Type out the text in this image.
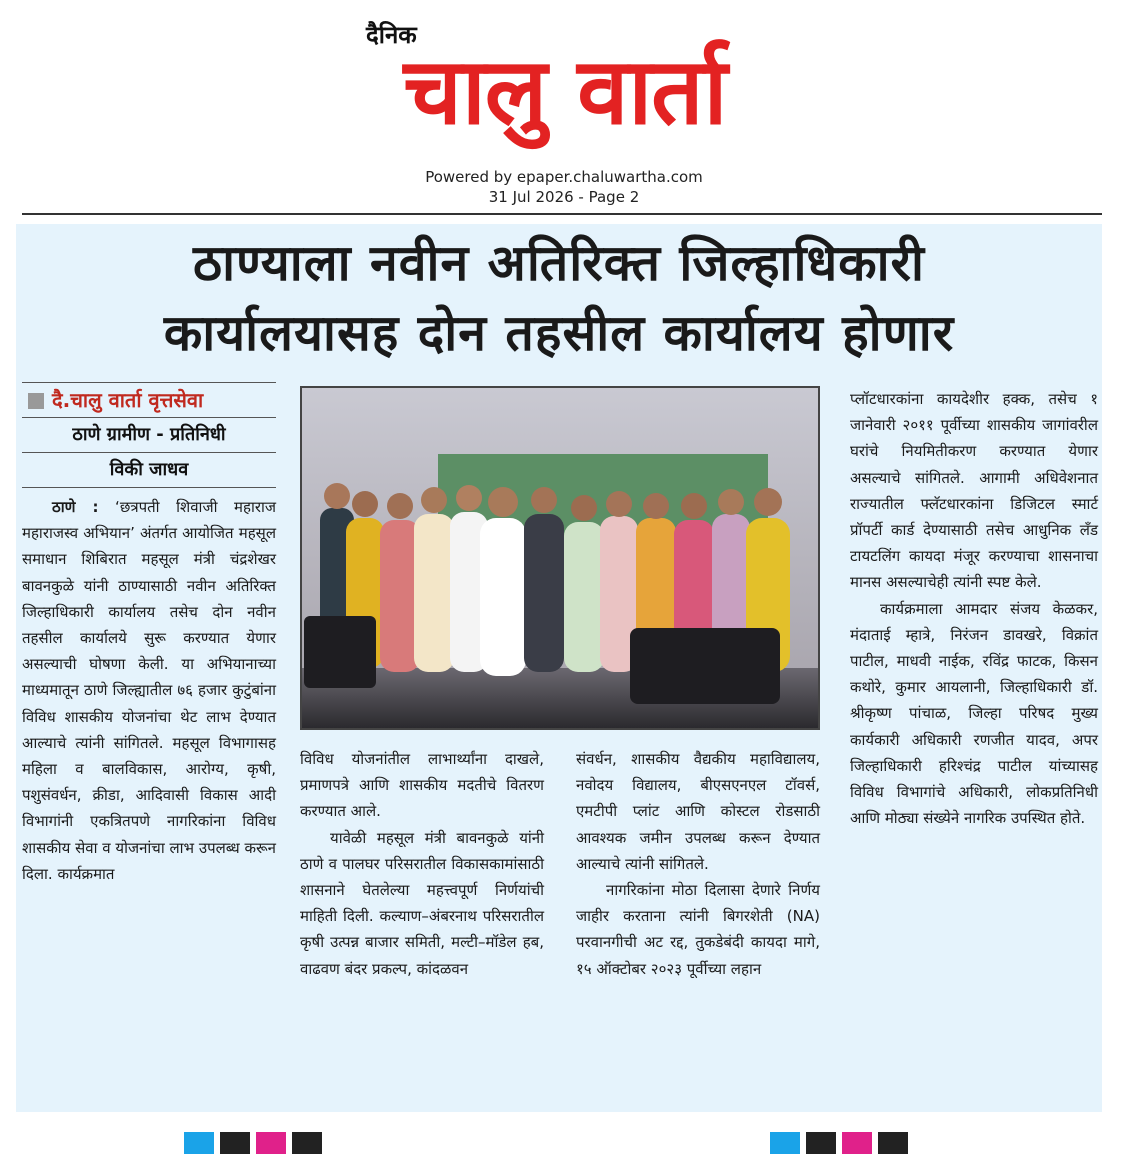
दैनिक
चालु वार्ता
Powered by epaper.chaluwartha.com
31 Jul 2026 - Page 2
ठाण्याला नवीन अतिरिक्त जिल्हाधिकारी
कार्यालयासह दोन तहसील कार्यालय होणार
दै.चालु वार्ता वृत्तसेवा
ठाणे ग्रामीण - प्रतिनिधी
विकी जाधव

ठाणे : ‘छत्रपती शिवाजी महाराज महाराजस्व अभियान’ अंतर्गत आयोजित महसूल समाधान शिबिरात महसूल मंत्री चंद्रशेखर बावनकुळे यांनी ठाण्यासाठी नवीन अतिरिक्त जिल्हाधिकारी कार्यालय तसेच दोन नवीन तहसील कार्यालये सुरू करण्यात येणार असल्याची घोषणा केली. या अभियानाच्या माध्यमातून ठाणे जिल्ह्यातील ७६ हजार कुटुंबांना विविध शासकीय योजनांचा थेट लाभ देण्यात आल्याचे त्यांनी सांगितले. महसूल विभागासह महिला व बालविकास, आरोग्य, कृषी, पशुसंवर्धन, क्रीडा, आदिवासी विकास आदी विभागांनी एकत्रितपणे नागरिकांना विविध शासकीय सेवा व योजनांचा लाभ उपलब्ध करून दिला. कार्यक्रमात

विविध योजनांतील लाभार्थ्यांना दाखले, प्रमाणपत्रे आणि शासकीय मदतीचे वितरण करण्यात आले.

यावेळी महसूल मंत्री बावनकुळे यांनी ठाणे व पालघर परिसरातील विकासकामांसाठी शासनाने घेतलेल्या महत्त्वपूर्ण निर्णयांची माहिती दिली. कल्याण–अंबरनाथ परिसरातील कृषी उत्पन्न बाजार समिती, मल्टी–मॉडेल हब, वाढवण बंदर प्रकल्प, कांदळवन

संवर्धन, शासकीय वैद्यकीय महाविद्यालय, नवोदय विद्यालय, बीएसएनएल टॉवर्स, एमटीपी प्लांट आणि कोस्टल रोडसाठी आवश्यक जमीन उपलब्ध करून देण्यात आल्याचे त्यांनी सांगितले.

नागरिकांना मोठा दिलासा देणारे निर्णय जाहीर करताना त्यांनी बिगरशेती (NA) परवानगीची अट रद्द, तुकडेबंदी कायदा मागे, १५ ऑक्टोबर २०२३ पूर्वीच्या लहान

प्लॉटधारकांना कायदेशीर हक्क, तसेच १ जानेवारी २०११ पूर्वीच्या शासकीय जागांवरील घरांचे नियमितीकरण करण्यात येणार असल्याचे सांगितले. आगामी अधिवेशनात राज्यातील फ्लॅटधारकांना डिजिटल स्मार्ट प्रॉपर्टी कार्ड देण्यासाठी तसेच आधुनिक लँड टायटलिंग कायदा मंजूर करण्याचा शासनाचा मानस असल्याचेही त्यांनी स्पष्ट केले.

कार्यक्रमाला आमदार संजय केळकर, मंदाताई म्हात्रे, निरंजन डावखरे, विक्रांत पाटील, माधवी नाईक, रविंद्र फाटक, किसन कथोरे, कुमार आयलानी, जिल्हाधिकारी डॉ. श्रीकृष्ण पांचाळ, जिल्हा परिषद मुख्य कार्यकारी अधिकारी रणजीत यादव, अपर जिल्हाधिकारी हरिश्चंद्र पाटील यांच्यासह विविध विभागांचे अधिकारी, लोकप्रतिनिधी आणि मोठ्या संख्येने नागरिक उपस्थित होते.
